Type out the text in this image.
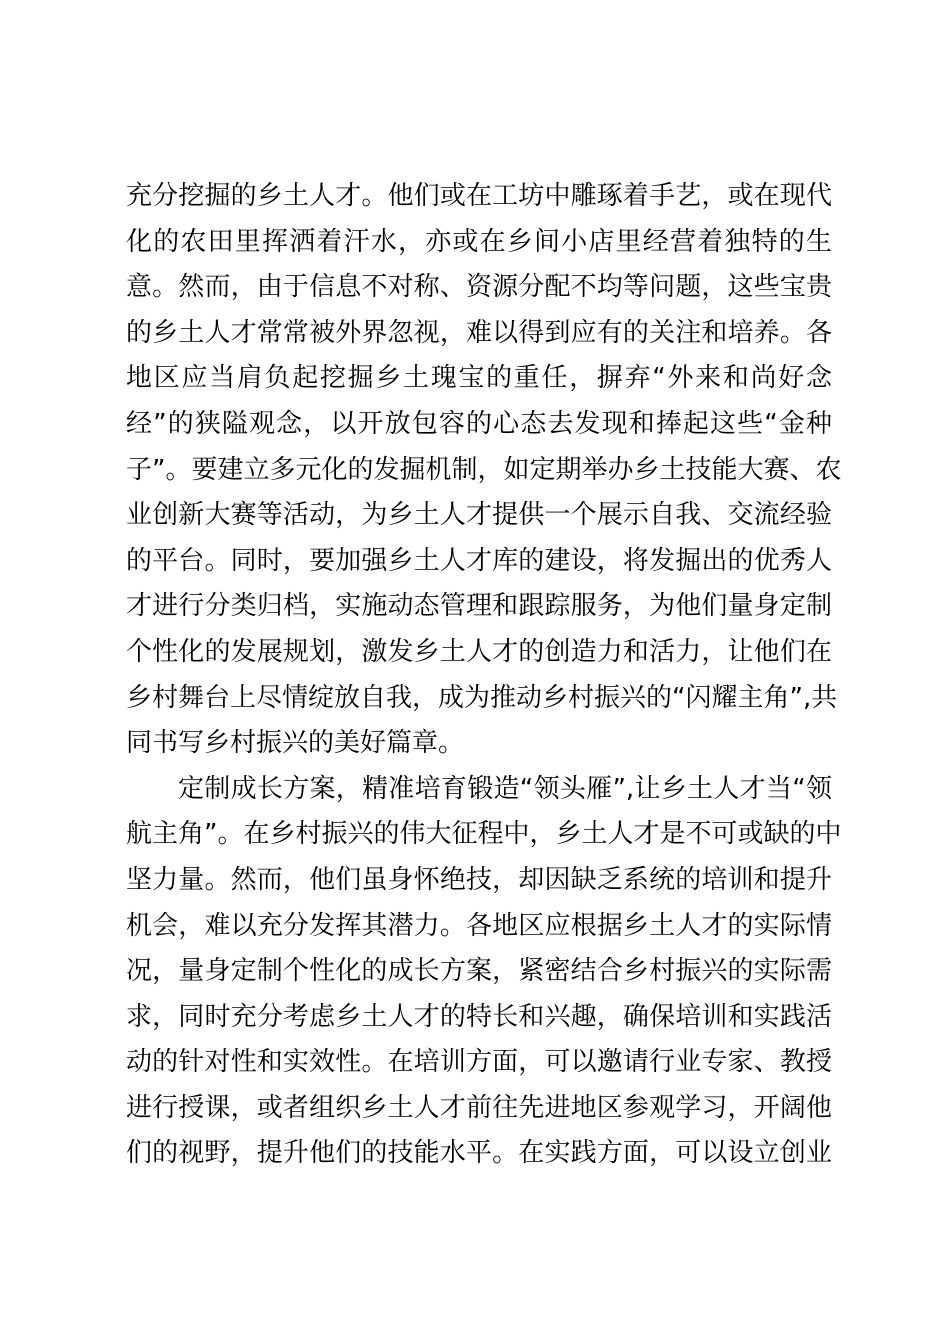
充分挖掘的乡土人才。他们或在工坊中雕琢着手艺，或在现代
化的农田里挥洒着汗水，亦或在乡间小店里经营着独特的生
意。然而，由于信息不对称、资源分配不均等问题，这些宝贵
的乡土人才常常被外界忽视，难以得到应有的关注和培养。各
地区应当肩负起挖掘乡土瑰宝的重任，摒弃“外来和尚好念
经”的狭隘观念，以开放包容的心态去发现和捧起这些“金种
子”。要建立多元化的发掘机制，如定期举办乡土技能大赛、农
业创新大赛等活动，为乡土人才提供一个展示自我、交流经验
的平台。同时，要加强乡土人才库的建设，将发掘出的优秀人
才进行分类归档，实施动态管理和跟踪服务，为他们量身定制
个性化的发展规划，激发乡土人才的创造力和活力，让他们在
乡村舞台上尽情绽放自我，成为推动乡村振兴的“闪耀主角”,共
同书写乡村振兴的美好篇章。
定制成长方案，精准培育锻造“领头雁”,让乡土人才当“领
航主角”。在乡村振兴的伟大征程中，乡土人才是不可或缺的中
坚力量。然而，他们虽身怀绝技，却因缺乏系统的培训和提升
机会，难以充分发挥其潜力。各地区应根据乡土人才的实际情
况，量身定制个性化的成长方案，紧密结合乡村振兴的实际需
求，同时充分考虑乡土人才的特长和兴趣，确保培训和实践活
动的针对性和实效性。在培训方面，可以邀请行业专家、教授
进行授课，或者组织乡土人才前往先进地区参观学习，开阔他
们的视野，提升他们的技能水平。在实践方面，可以设立创业
